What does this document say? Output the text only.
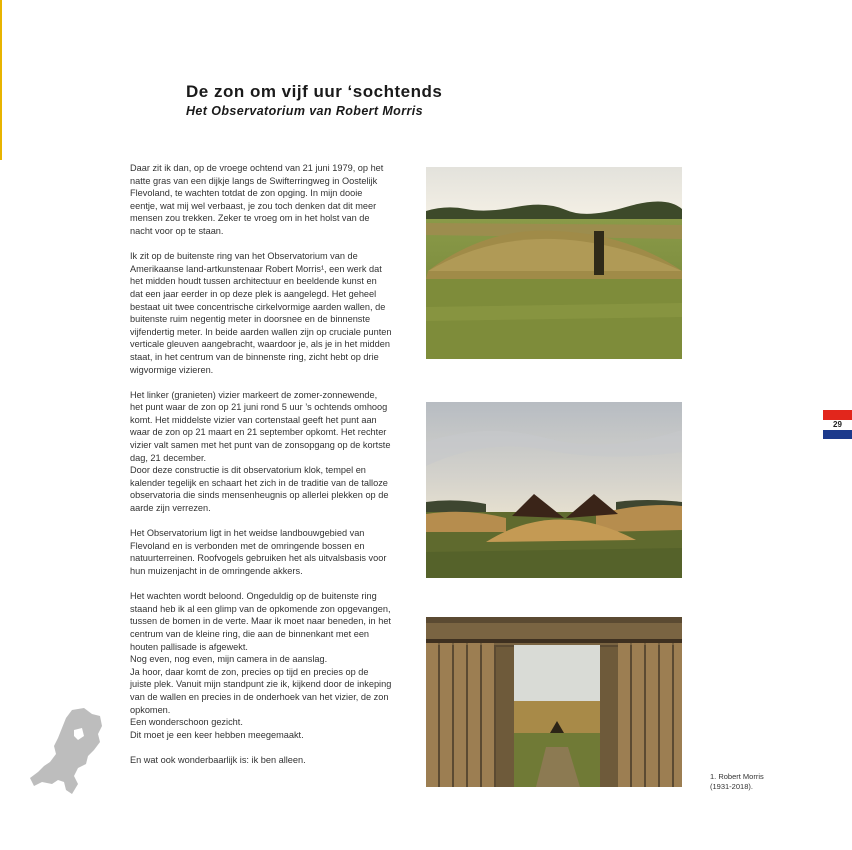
De zon om vijf uur ‘sochtends
Het Observatorium van Robert Morris

Daar zit ik dan, op de vroege ochtend van 21 juni 1979, op het natte gras van een dijkje langs de Swifterringweg in Oostelijk Flevoland, te wachten totdat de zon opging. In mijn dooie eentje, wat mij wel verbaast, je zou toch denken dat dit meer mensen zou trekken. Zeker te vroeg om in het holst van de nacht voor op te staan.

Ik zit op de buitenste ring van het Observatorium van de Amerikaanse land-artkunstenaar Robert Morris¹, een werk dat het midden houdt tussen architectuur en beeldende kunst en dat een jaar eerder in op deze plek is aangelegd. Het geheel bestaat uit twee concentrische cirkelvormige aarden wallen, de buitenste ruim negentig meter in doorsnee en de binnenste vijfendertig meter. In beide aarden wallen zijn op cruciale punten verticale gleuven aangebracht, waardoor je, als je in het midden staat, in het centrum van de binnenste ring, zicht hebt op drie wigvormige vizieren.

Het linker (granieten) vizier markeert de zomer-zonnewende, het punt waar de zon op 21 juni rond 5 uur ’s ochtends omhoog komt. Het middelste vizier van cortenstaal geeft het punt aan waar de zon op 21 maart en 21 september opkomt. Het rechter vizier valt samen met het punt van de zonsopgang op de kortste dag, 21 december.
Door deze constructie is dit observatorium klok, tempel en kalender tegelijk en schaart het zich in de traditie van de talloze observatoria die sinds mensenheugnis op allerlei plekken op de aarde zijn verrezen.

Het Observatorium ligt in het weidse landbouwgebied van Flevoland en is verbonden met de omringende bossen en natuurterreinen. Roofvogels gebruiken het als uitvalsbasis voor hun muizenjacht in de omringende akkers.

Het wachten wordt beloond. Ongeduldig op de buitenste ring staand heb ik al een glimp van de opkomende zon opgevangen, tussen de bomen in de verte. Maar ik moet naar beneden, in het centrum van de kleine ring, die aan de binnenkant met een houten pallisade is afgewekt.
Nog even, nog even, mijn camera in de aanslag.
Ja hoor, daar komt de zon, precies op tijd en precies op de juiste plek. Vanuit mijn standpunt zie ik, kijkend door de inkeping van de wallen en precies in de onderhoek van het vizier, de zon opkomen.
Een wonderschoon gezicht.
Dit moet je een keer hebben meegemaakt.

En wat ook wonderbaarlijk is: ik ben alleen.

1. Robert Morris
(1931-2018).
29
